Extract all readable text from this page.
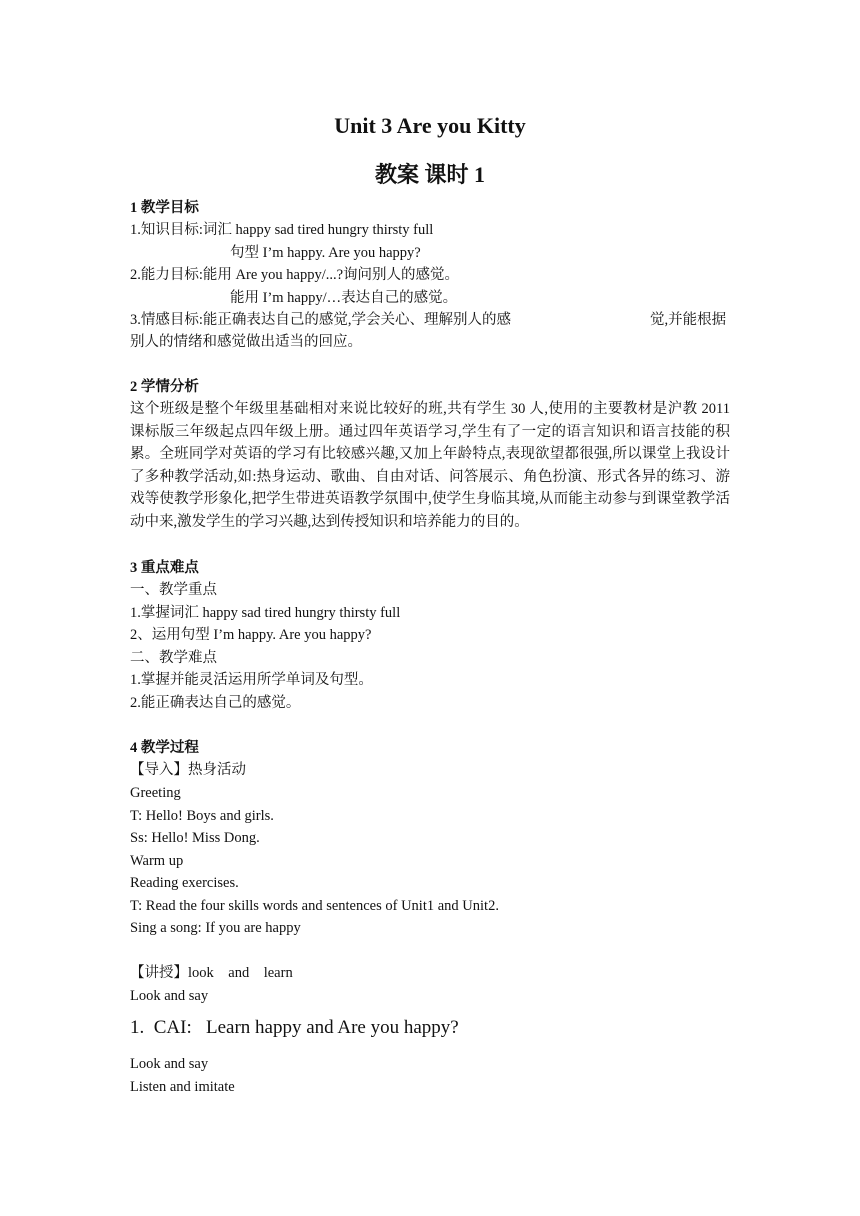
Unit 3 Are you Kitty
教案 课时 1

1 教学目标

1.知识目标:词汇 happy sad tired hungry thirsty full

句型 I’m happy. Are you happy?

2.能力目标:能用 Are you happy/...?询问别人的感觉。

能用 I’m happy/…表达自己的感觉。

3.情感目标:能正确表达自己的感觉,学会关心、理解别人的感	觉,并能根据

别人的情绪和感觉做出适当的回应。

2 学情分析

这个班级是整个年级里基础相对来说比较好的班,共有学生 30 人,使用的主要教材是沪教 2011 课标版三年级起点四年级上册。通过四年英语学习,学生有了一定的语言知识和语言技能的积累。全班同学对英语的学习有比较感兴趣,又加上年龄特点,表现欲望都很强,所以课堂上我设计了多种教学活动,如:热身运动、歌曲、自由对话、问答展示、角色扮演、形式各异的练习、游戏等使教学形象化,把学生带进英语教学氛围中,使学生身临其境,从而能主动参与到课堂教学活动中来,激发学生的学习兴趣,达到传授知识和培养能力的目的。

3 重点难点

一、教学重点

1.掌握词汇 happy sad tired hungry thirsty full

2、运用句型 I’m happy. Are you happy?

二、教学难点

1.掌握并能灵活运用所学单词及句型。

2.能正确表达自己的感觉。

4 教学过程

【导入】热身活动

Greeting

T: Hello! Boys and girls.

Ss: Hello! Miss Dong.

Warm up

Reading exercises.

T: Read the four skills words and sentences of Unit1 and Unit2.

Sing a song: If you are happy

【讲授】look    and    learn

Look and say

1.  CAI:   Learn happy and Are you happy?

Look and say

Listen and imitate
